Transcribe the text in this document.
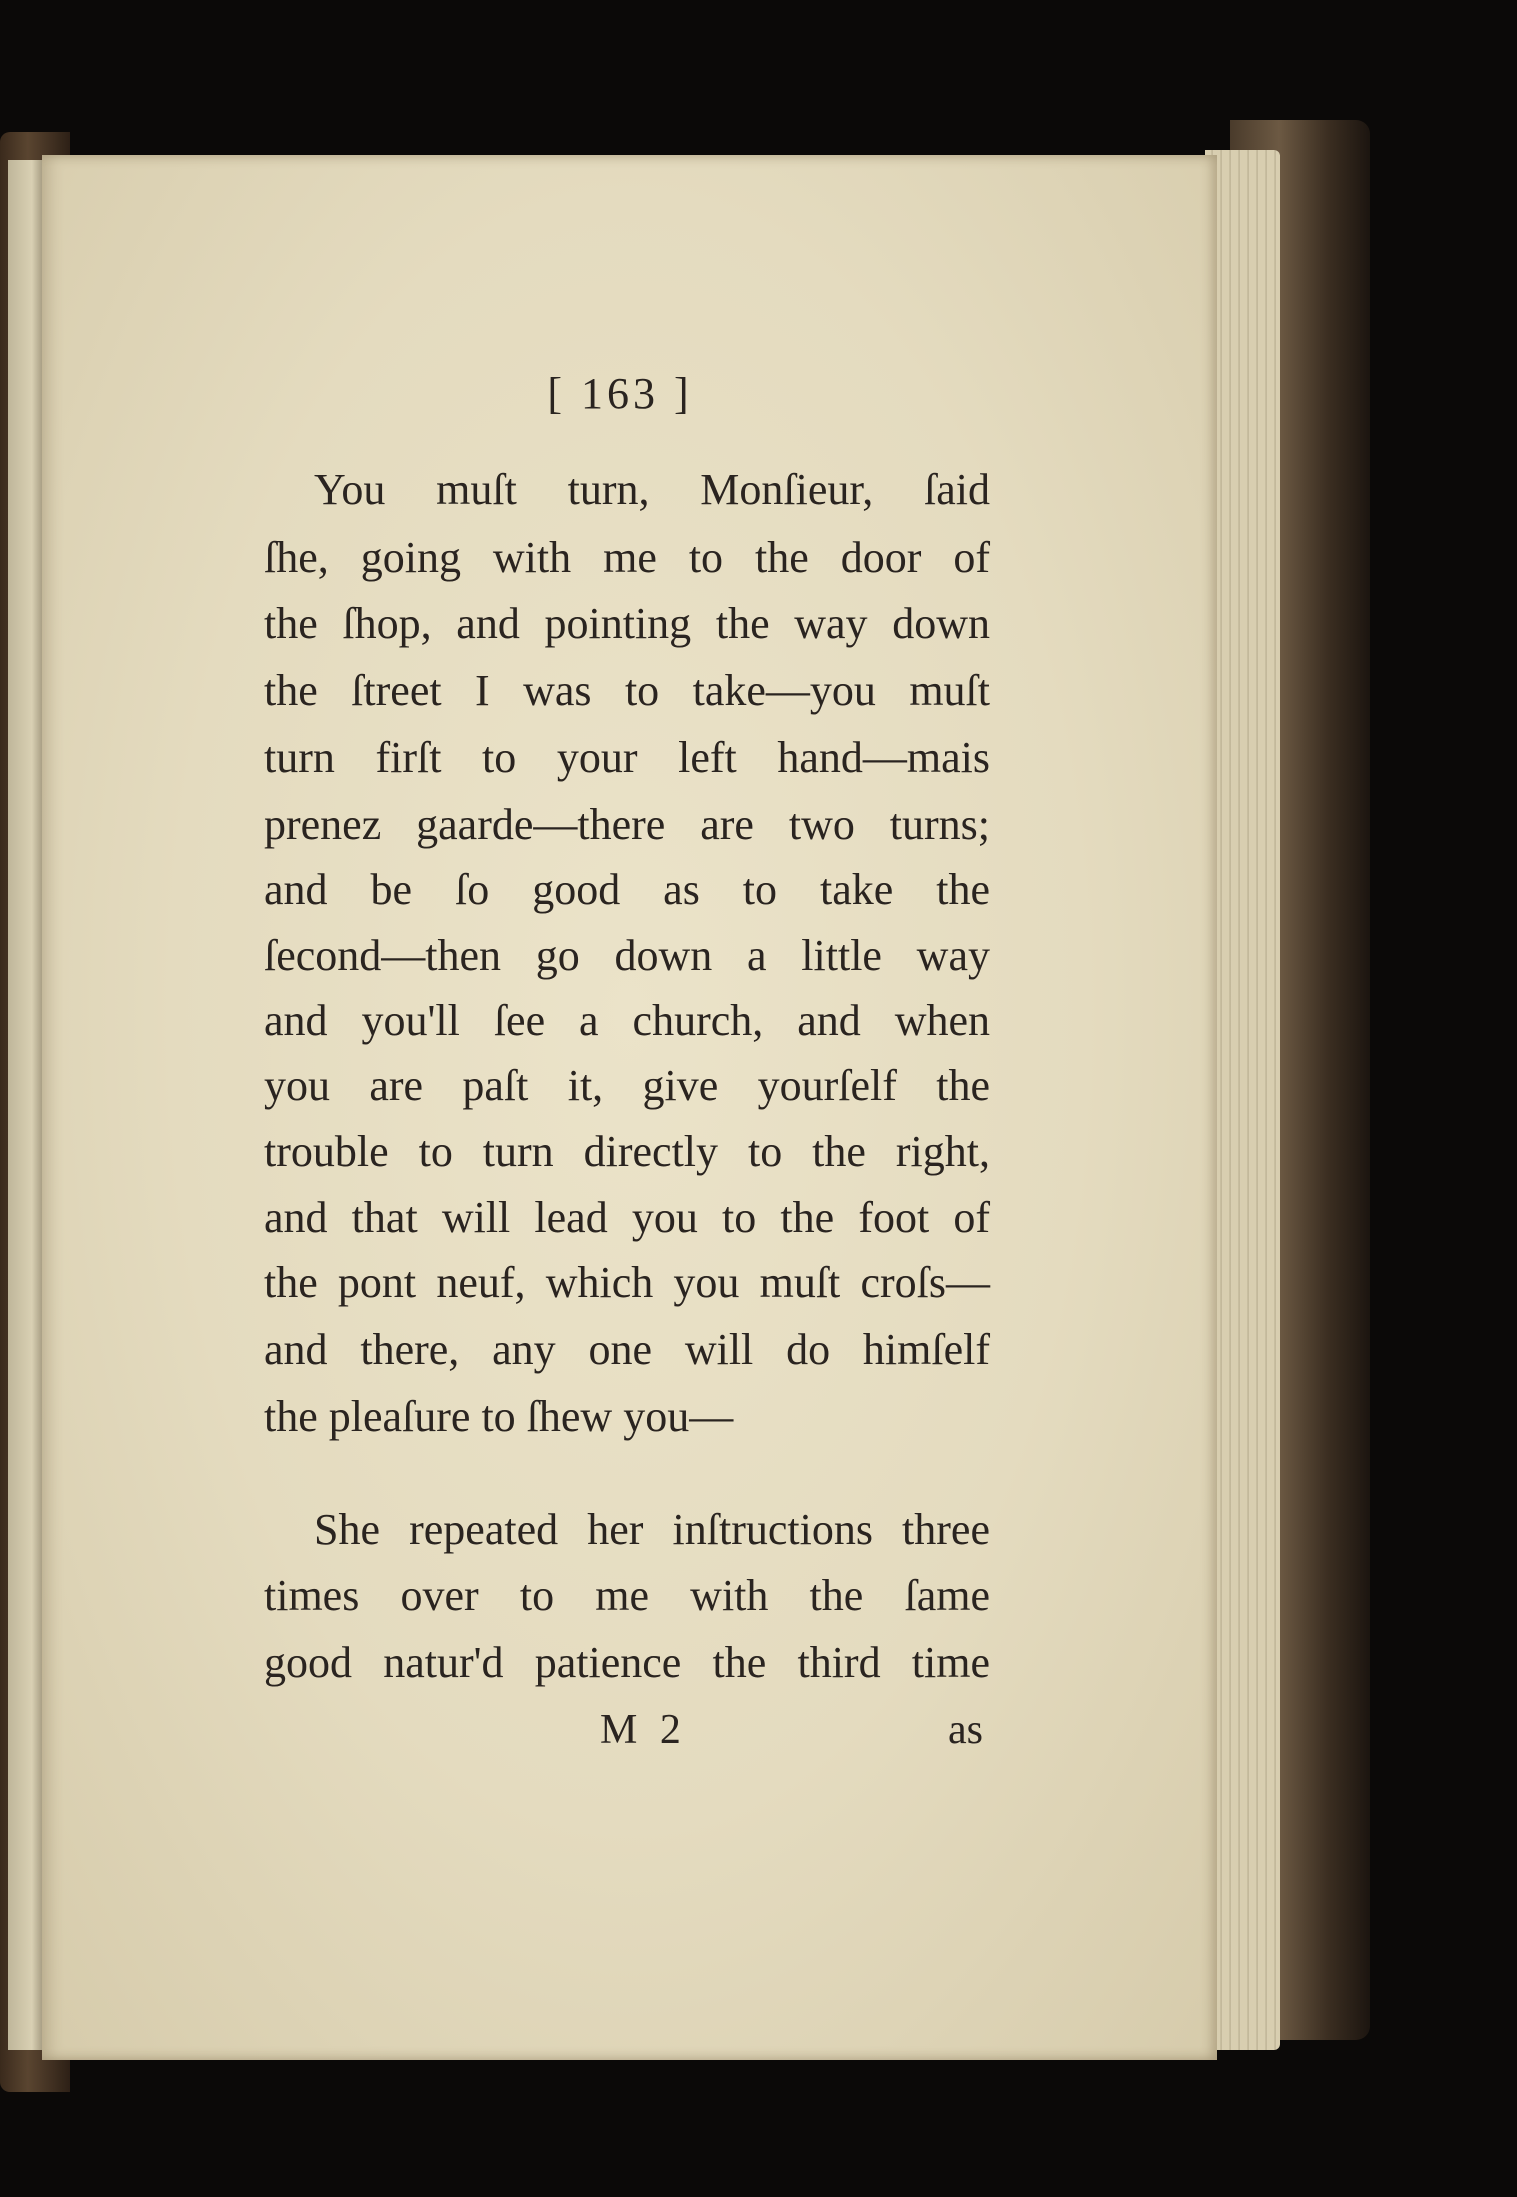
[ 163 ]
You muſt turn, Monſieur, ſaid
ſhe, going with me to the door of
the ſhop, and pointing the way down
the ſtreet I was to take—you muſt
turn firſt to your left hand—mais
prenez gaarde—there are two turns;
and be ſo good as to take the
ſecond—then go down a little way
and you'll ſee a church, and when
you are paſt it, give yourſelf the
trouble to turn directly to the right,
and that will lead you to the foot of
the pont neuf, which you muſt croſs—
and there, any one will do himſelf
the pleaſure to ſhew you—
She repeated her inſtructions three
times over to me with the ſame
good natur'd patience the third time
M 2	as
